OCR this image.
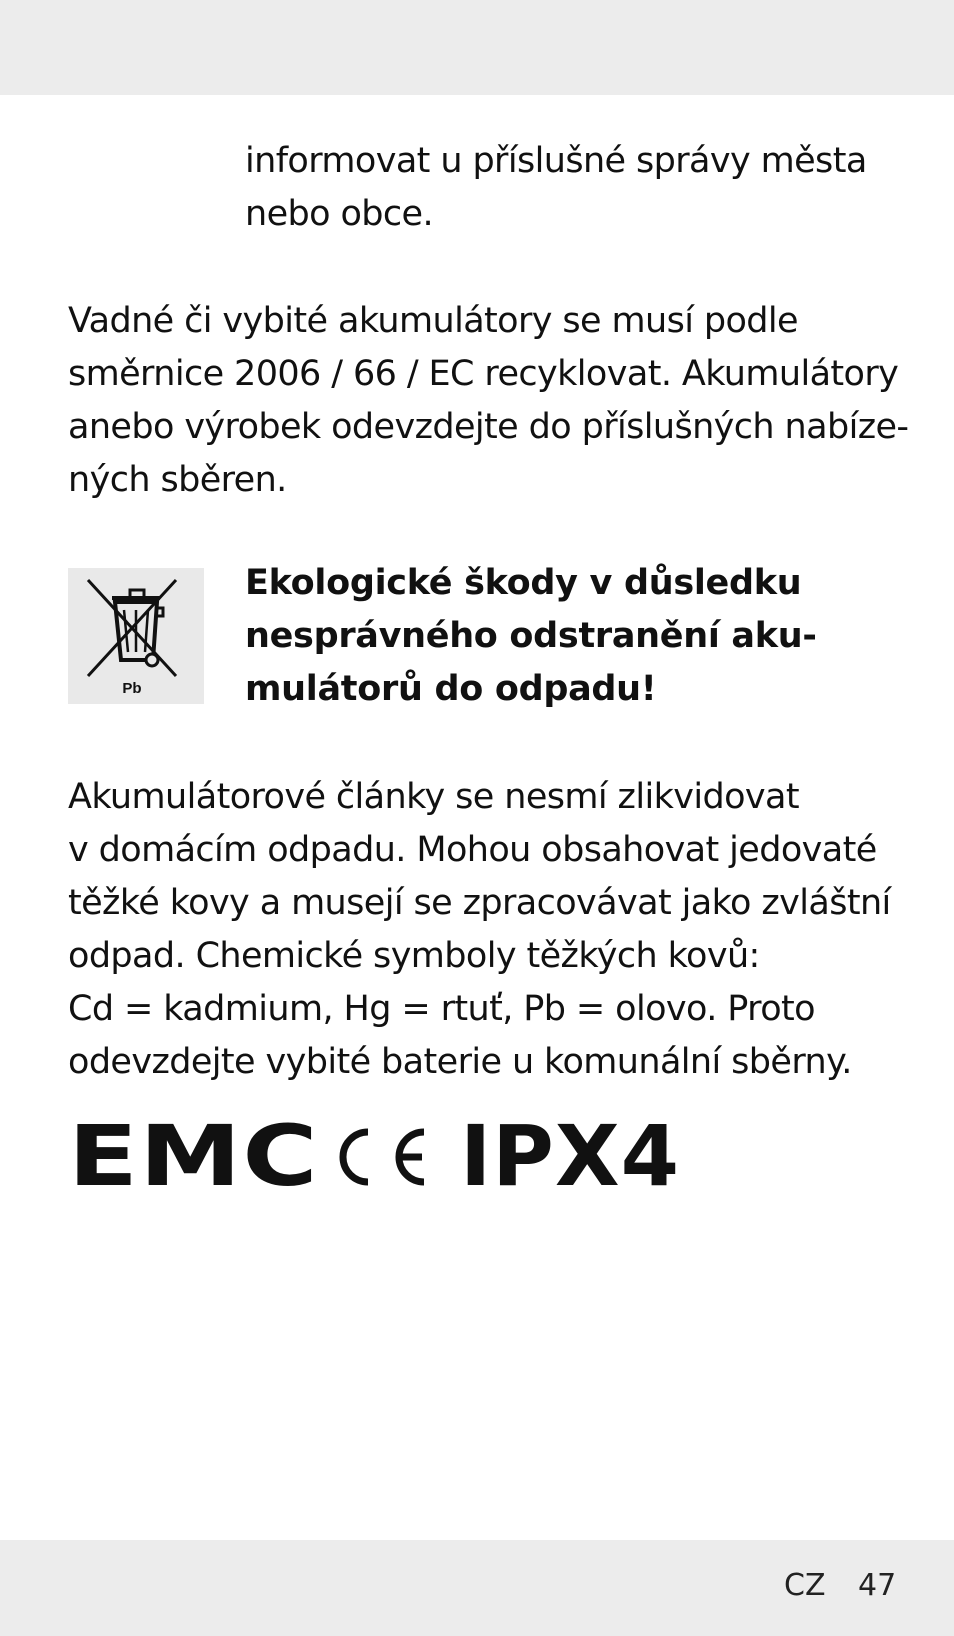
informovat u příslušné správy města
nebo obce.

Vadné či vybité akumulátory se musí podle
směrnice 2006 / 66 / EC recyklovat. Akumulátory
anebo výrobek odevzdejte do příslušných nabíze-
ných sběren.

Pb
Ekologické škody v důsledku
nesprávného odstranění aku-
mulátorů do odpadu!

Akumulátorové články se nesmí zlikvidovat
v domácím odpadu. Mohou obsahovat jedovaté
těžké kovy a musejí se zpracovávat jako zvláštní
odpad. Chemické symboly těžkých kovů:
Cd = kadmium, Hg = rtuť, Pb = olovo. Proto
odevzdejte vybité baterie u komunální sběrny.

EMC IPX4
CZ 47
